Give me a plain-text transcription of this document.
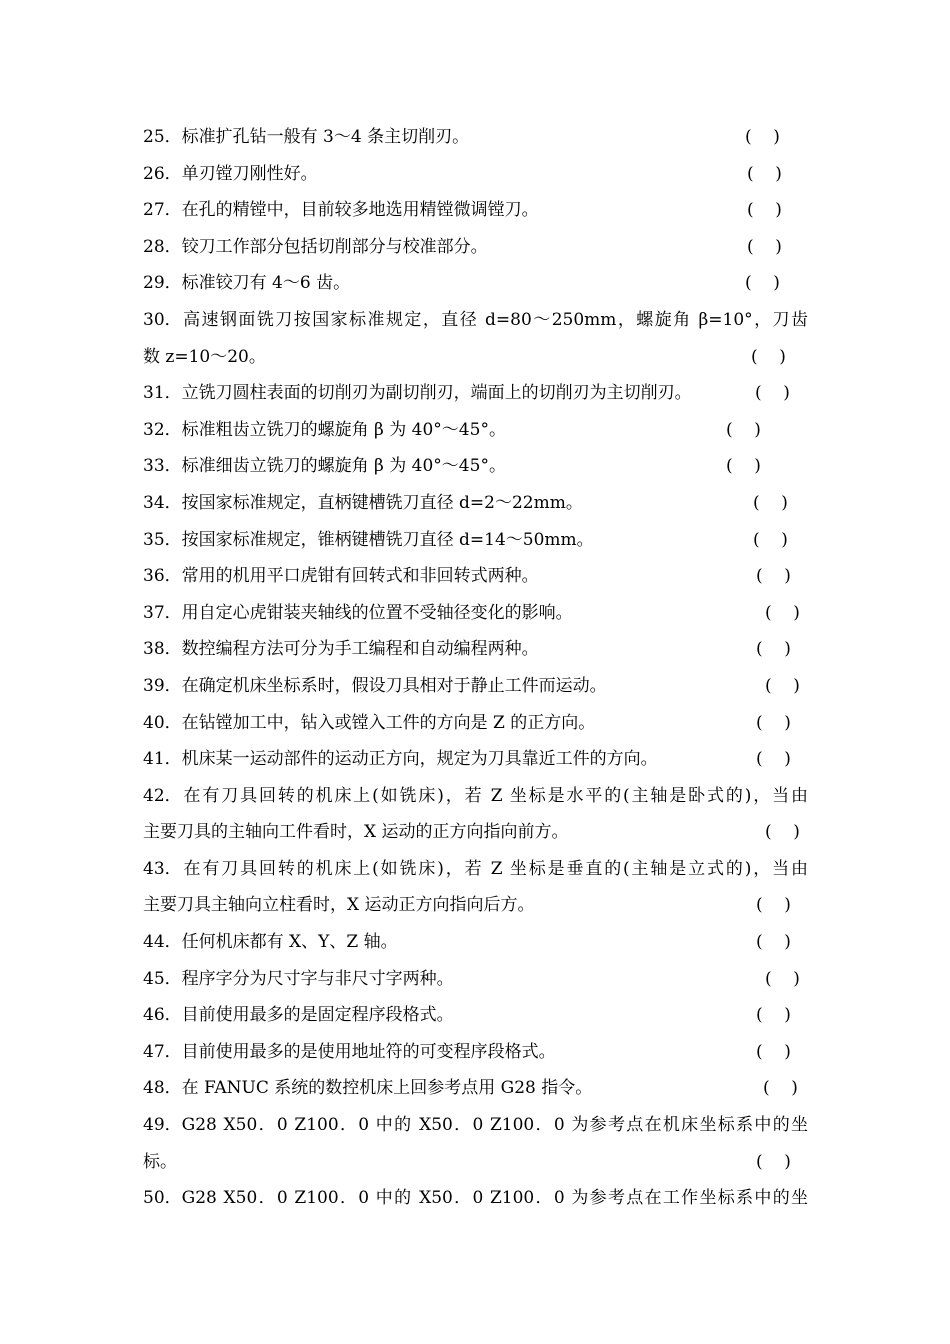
25．标准扩孔钻一般有 3～4 条主切削刃。	(    )
26．单刃镗刀刚性好。	(    )
27．在孔的精镗中，目前较多地选用精镗微调镗刀。	(    )
28．铰刀工作部分包括切削部分与校准部分。	(    )
29．标准铰刀有 4～6 齿。	(    )
30．高速钢面铣刀按国家标准规定，直径 d=80～250mm，螺旋角 β=10°，刀齿
数 z=10～20。	(    )
31．立铣刀圆柱表面的切削刃为副切削刃，端面上的切削刃为主切削刃。	(    )
32．标准粗齿立铣刀的螺旋角 β 为 40°～45°。	(    )
33．标准细齿立铣刀的螺旋角 β 为 40°～45°。	(    )
34．按国家标准规定，直柄键槽铣刀直径 d=2～22mm。	(    )
35．按国家标准规定，锥柄键槽铣刀直径 d=14～50mm。	(    )
36．常用的机用平口虎钳有回转式和非回转式两种。	(    )
37．用自定心虎钳装夹轴线的位置不受轴径变化的影响。	(    )
38．数控编程方法可分为手工编程和自动编程两种。	(    )
39．在确定机床坐标系时，假设刀具相对于静止工件而运动。	(    )
40．在钻镗加工中，钻入或镗入工件的方向是 Z 的正方向。	(    )
41．机床某一运动部件的运动正方向，规定为刀具靠近工件的方向。	(    )
42．在有刀具回转的机床上(如铣床)，若 Z 坐标是水平的(主轴是卧式的)，当由
主要刀具的主轴向工件看时，X 运动的正方向指向前方。	(    )
43．在有刀具回转的机床上(如铣床)，若 Z 坐标是垂直的(主轴是立式的)，当由
主要刀具主轴向立柱看时，X 运动正方向指向后方。	(    )
44．任何机床都有 X、Y、Z 轴。	(    )
45．程序字分为尺寸字与非尺寸字两种。	(    )
46．目前使用最多的是固定程序段格式。	(    )
47．目前使用最多的是使用地址符的可变程序段格式。	(    )
48．在 FANUC 系统的数控机床上回参考点用 G28 指令。	(    )
49．G28 X50．0 Z100．0 中的 X50．0 Z100．0 为参考点在机床坐标系中的坐
标。	(    )
50．G28 X50．0 Z100．0 中的 X50．0 Z100．0 为参考点在工作坐标系中的坐
